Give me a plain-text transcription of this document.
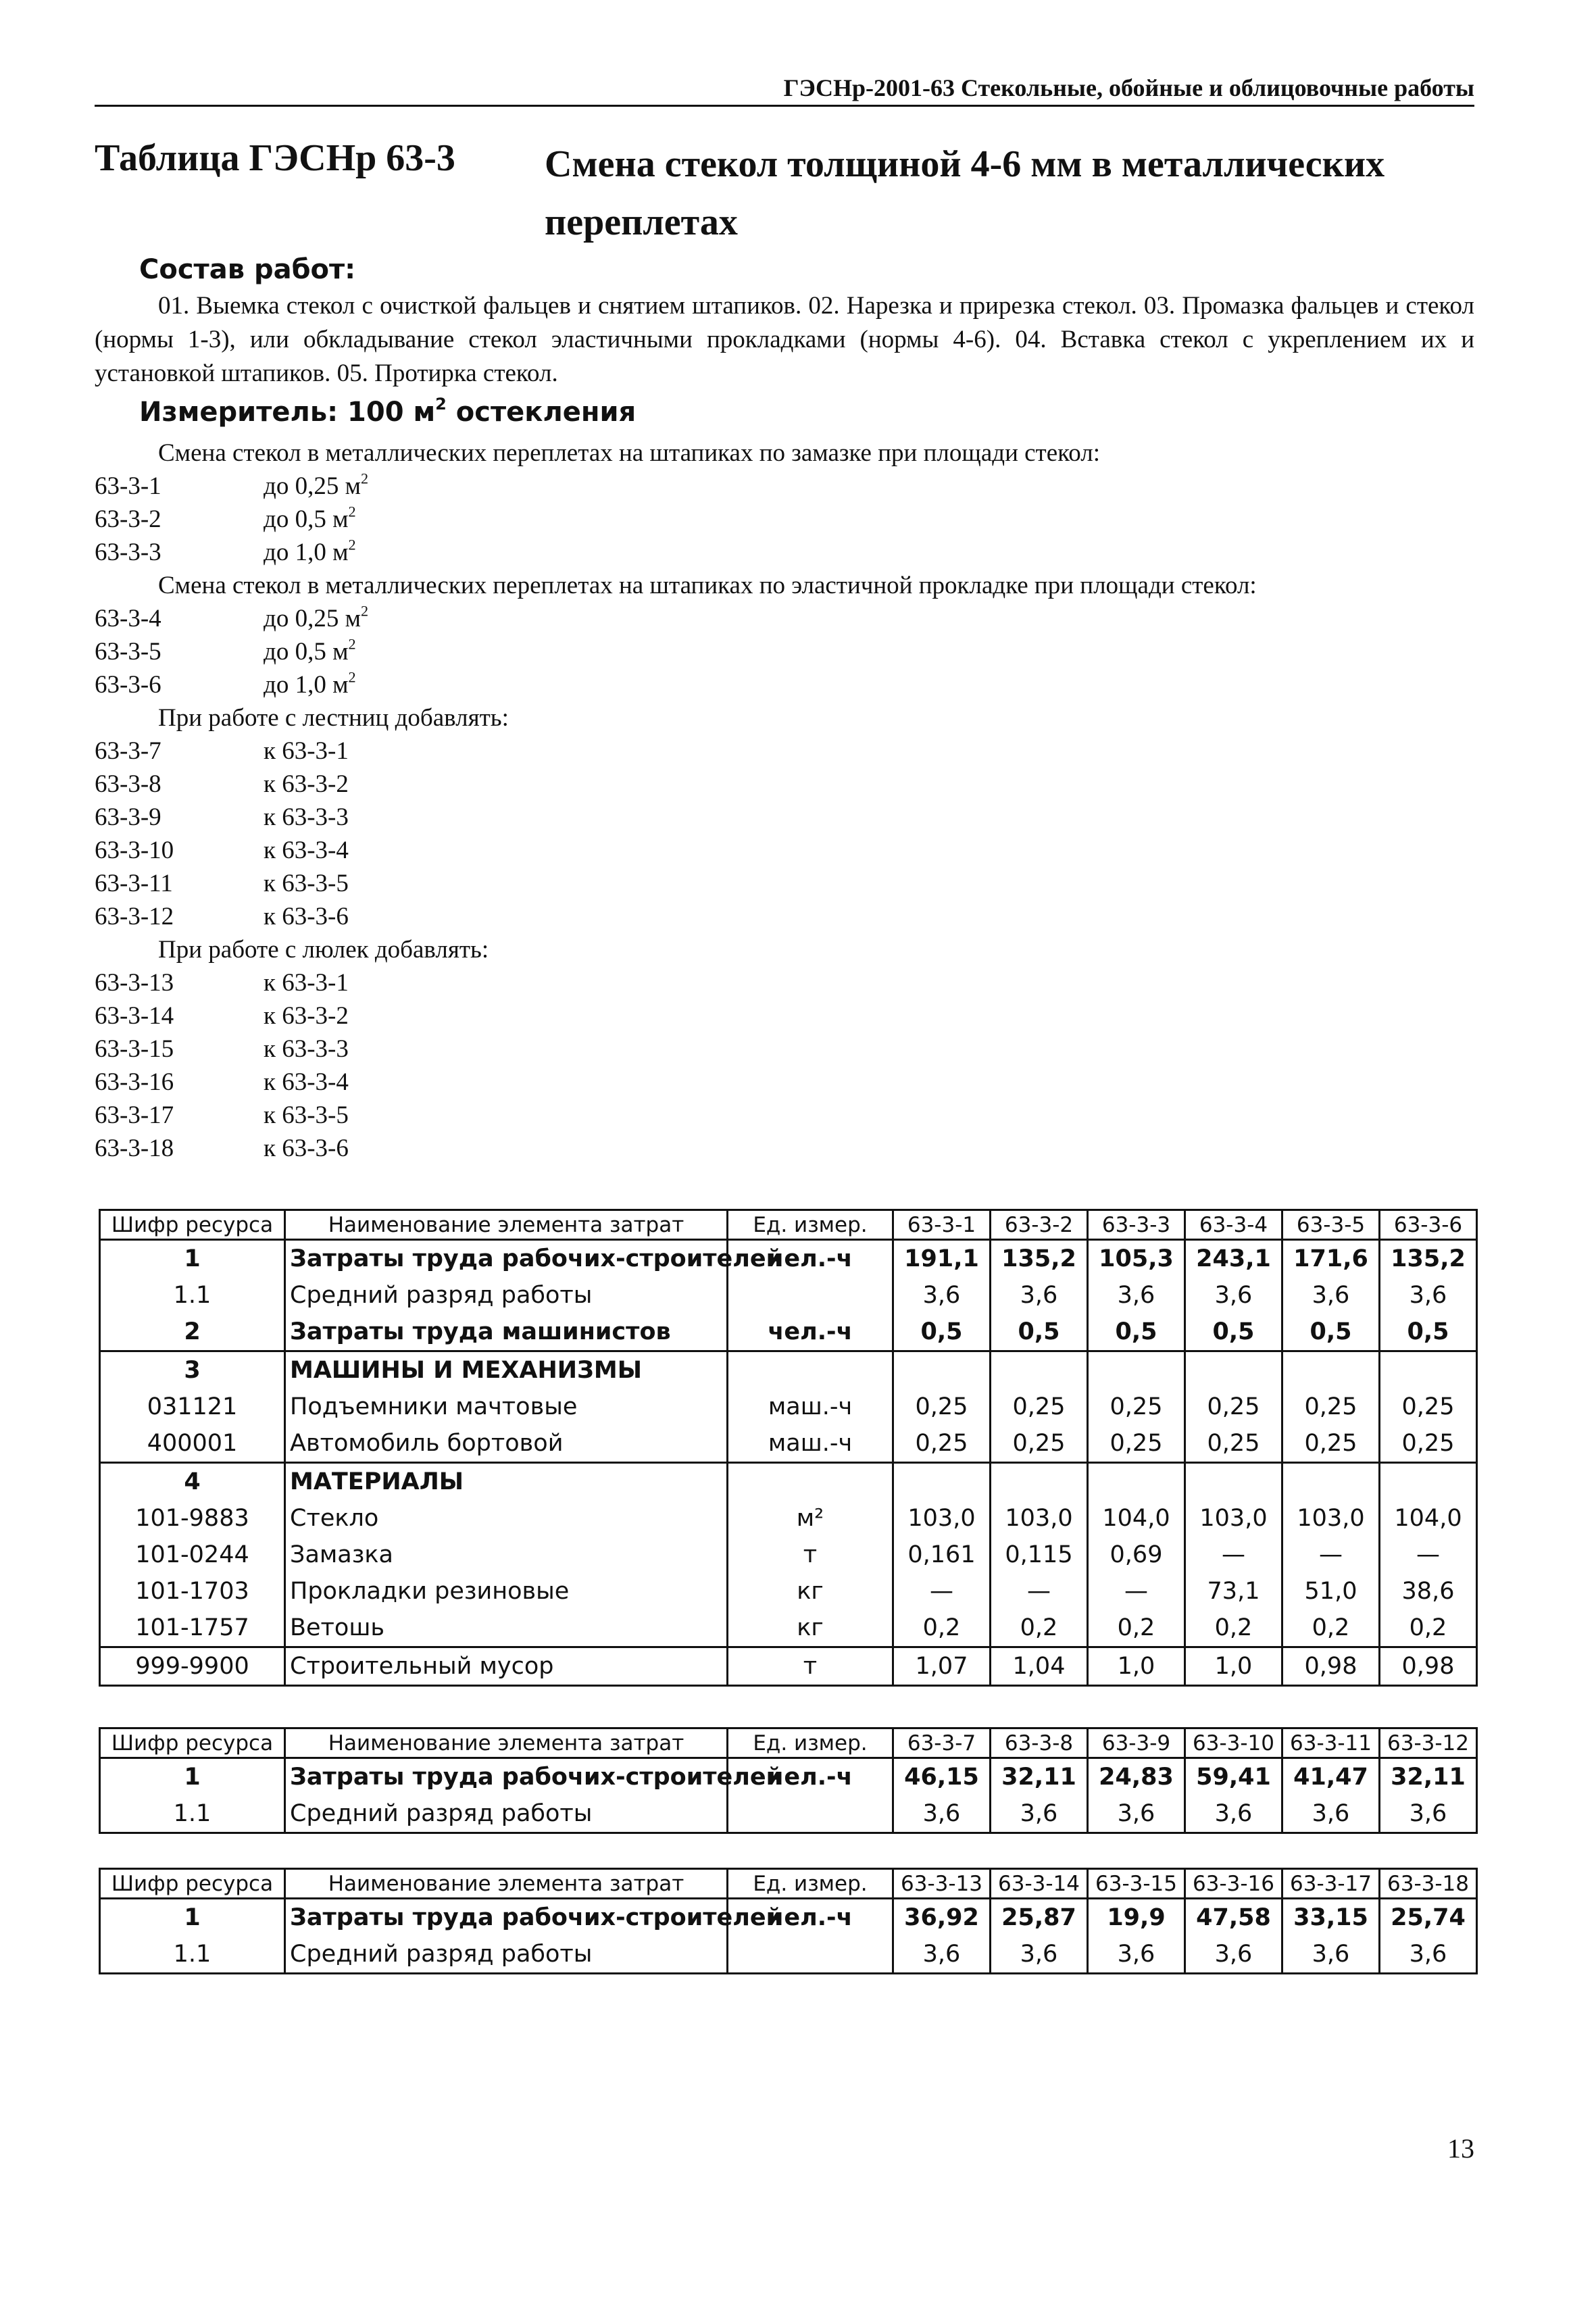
ГЭСНр-2001-63 Стекольные, обойные и облицовочные работы
Таблица ГЭСНр 63-3 Смена стекол толщиной 4-6 мм в металлических переплетах
Состав работ:
01. Выемка стекол с очисткой фальцев и снятием штапиков. 02. Нарезка и прирезка стекол. 03. Промазка фальцев и стекол (нормы 1-3), или обкладывание стекол эластичными прокладками (нормы 4-6). 04. Вставка стекол с укреплением их и установкой штапиков. 05. Протирка стекол.
Измеритель: 100 $м^2$ остекления
Смена стекол в металлических переплетах на штапиках по замазке при площади стекол:
63-3-1	до 0,25 $м^2$
63-3-2	до 0,5 $м^2$
63-3-3	до 1,0 $м^2$
Смена стекол в металлических переплетах на штапиках по эластичной прокладке при площади стекол:
63-3-4	до 0,25 $м^2$
63-3-5	до 0,5 $м^2$
63-3-6	до 1,0 $м^2$
При работе с лестниц добавлять:
63-3-7	к 63-3-1
63-3-8	к 63-3-2
63-3-9	к 63-3-3
63-3-10	к 63-3-4
63-3-11	к 63-3-5
63-3-12	к 63-3-6
При работе с люлек добавлять:
63-3-13	к 63-3-1
63-3-14	к 63-3-2
63-3-15	к 63-3-3
63-3-16	к 63-3-4
63-3-17	к 63-3-5
63-3-18	к 63-3-6
Шифр ресурса	Наименование элемента затрат	Ед. измер.	63-3-1	63-3-2	63-3-3	63-3-4	63-3-5	63-3-6
1	Затраты труда рабочих-строителей	чел.-ч	191,1	135,2	105,3	243,1	171,6	135,2
1.1	Средний разряд работы		3,6	3,6	3,6	3,6	3,6	3,6
2	Затраты труда машинистов	чел.-ч	0,5	0,5	0,5	0,5	0,5	0,5
3	МАШИНЫ И МЕХАНИЗМЫ							
031121	Подъемники мачтовые	маш.-ч	0,25	0,25	0,25	0,25	0,25	0,25
400001	Автомобиль бортовой	маш.-ч	0,25	0,25	0,25	0,25	0,25	0,25
4	МАТЕРИАЛЫ							
101-9883	Стекло	м²	103,0	103,0	104,0	103,0	103,0	104,0
101-0244	Замазка	т	0,161	0,115	0,69	—	—	—
101-1703	Прокладки резиновые	кг	—	—	—	73,1	51,0	38,6
101-1757	Ветошь	кг	0,2	0,2	0,2	0,2	0,2	0,2
999-9900	Строительный мусор	т	1,07	1,04	1,0	1,0	0,98	0,98
Шифр ресурса	Наименование элемента затрат	Ед. измер.	63-3-7	63-3-8	63-3-9	63-3-10	63-3-11	63-3-12
1	Затраты труда рабочих-строителей	чел.-ч	46,15	32,11	24,83	59,41	41,47	32,11
1.1	Средний разряд работы		3,6	3,6	3,6	3,6	3,6	3,6
Шифр ресурса	Наименование элемента затрат	Ед. измер.	63-3-13	63-3-14	63-3-15	63-3-16	63-3-17	63-3-18
1	Затраты труда рабочих-строителей	чел.-ч	36,92	25,87	19,9	47,58	33,15	25,74
1.1	Средний разряд работы		3,6	3,6	3,6	3,6	3,6	3,6
13
